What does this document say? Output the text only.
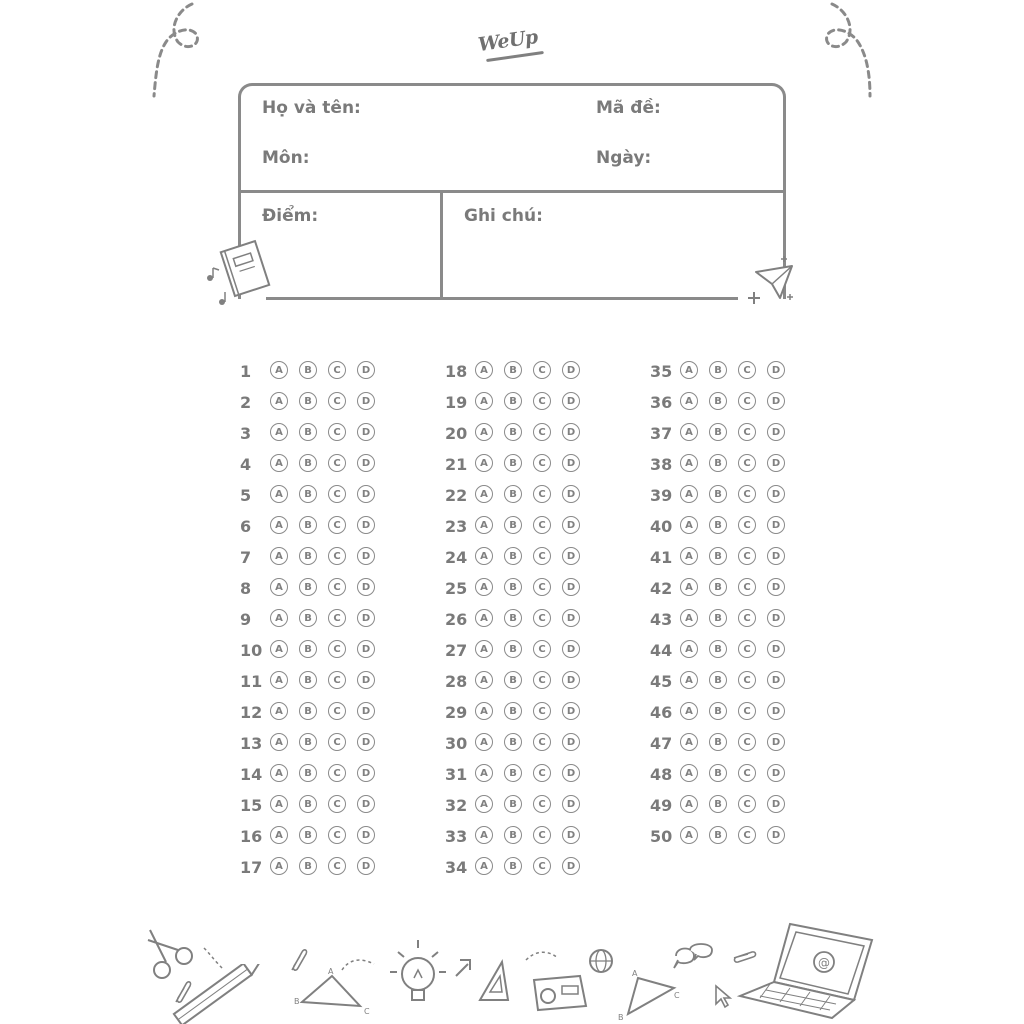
WeUp
Họ và tên:	Mã đề:
Môn:	Ngày:
Điểm:	Ghi chú:
1	A	B	C	D
2	A	B	C	D
3	A	B	C	D
4	A	B	C	D
5	A	B	C	D
6	A	B	C	D
7	A	B	C	D
8	A	B	C	D
9	A	B	C	D
10	A	B	C	D
11	A	B	C	D
12	A	B	C	D
13	A	B	C	D
14	A	B	C	D
15	A	B	C	D
16	A	B	C	D
17	A	B	C	D
18	A	B	C	D
19	A	B	C	D
20	A	B	C	D
21	A	B	C	D
22	A	B	C	D
23	A	B	C	D
24	A	B	C	D
25	A	B	C	D
26	A	B	C	D
27	A	B	C	D
28	A	B	C	D
29	A	B	C	D
30	A	B	C	D
31	A	B	C	D
32	A	B	C	D
33	A	B	C	D
34	A	B	C	D
35	A	B	C	D
36	A	B	C	D
37	A	B	C	D
38	A	B	C	D
39	A	B	C	D
40	A	B	C	D
41	A	B	C	D
42	A	B	C	D
43	A	B	C	D
44	A	B	C	D
45	A	B	C	D
46	A	B	C	D
47	A	B	C	D
48	A	B	C	D
49	A	B	C	D
50	A	B	C	D
A
B
C
A
B
C
@
